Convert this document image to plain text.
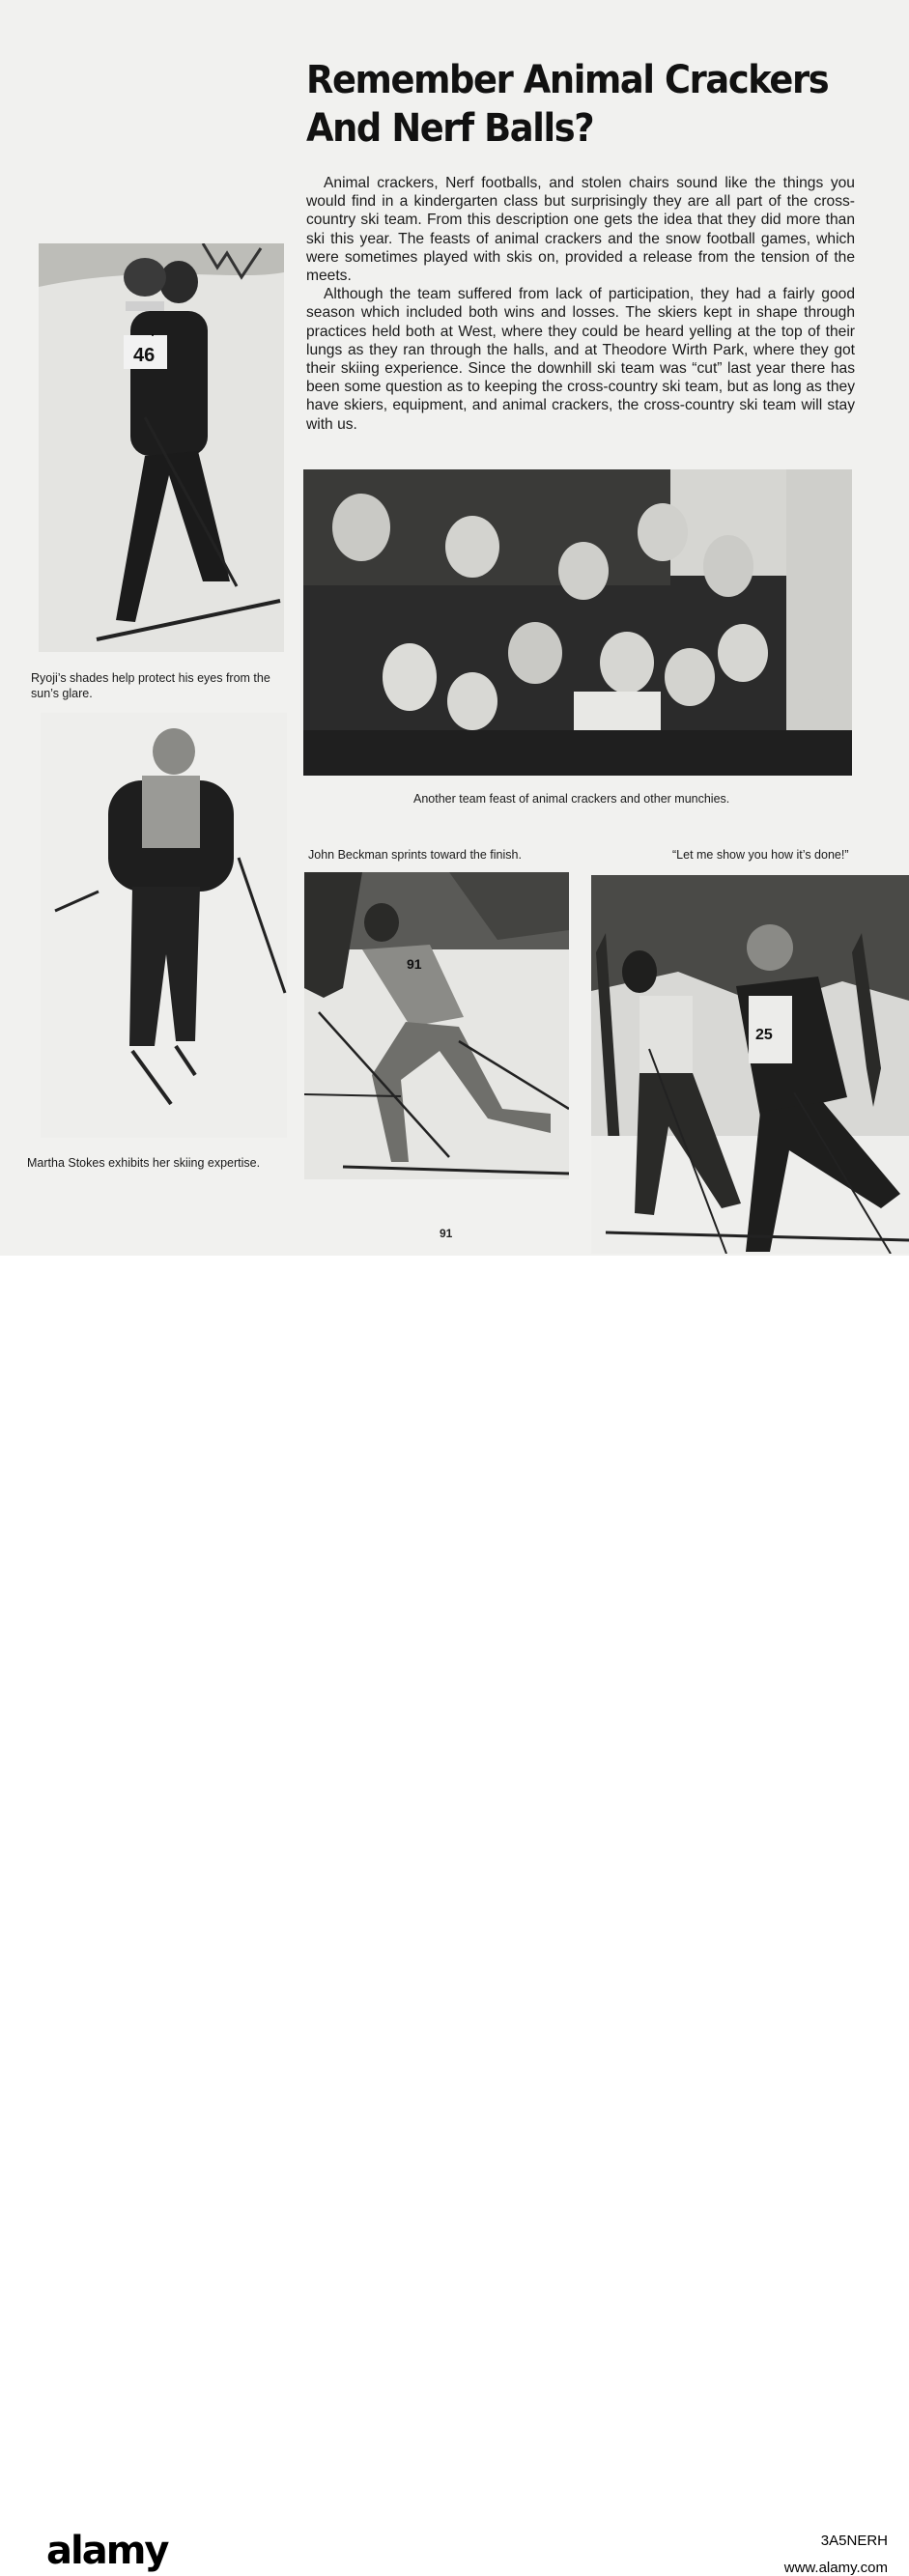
Remember Animal Crackers
And Nerf Balls?

Animal crackers, Nerf footballs, and stolen chairs sound like the things you would find in a kindergarten class but surprisingly they are all part of the cross-country ski team. From this description one gets the idea that they did more than ski this year. The feasts of animal crackers and the snow football games, which were sometimes played with skis on, provided a release from the tension of the meets.

Although the team suffered from lack of participation, they had a fairly good season which included both wins and losses. The skiers kept in shape through practices held both at West, where they could be heard yelling at the top of their lungs as they ran through the halls, and at Theodore Wirth Park, where they got their skiing experience. Since the downhill ski team was “cut” last year there has been some question as to keeping the cross-country ski team, but as long as they have skiers, equipment, and animal crackers, the cross-country ski team will stay with us.

46
Ryoji’s shades help protect his eyes from the sun’s glare.
Another team feast of animal crackers and other munchies.
Martha Stokes exhibits her skiing expertise.
John Beckman sprints toward the finish.
91
“Let me show you how it’s done!”
25
91
alamy	3A5NERH
www.alamy.com
